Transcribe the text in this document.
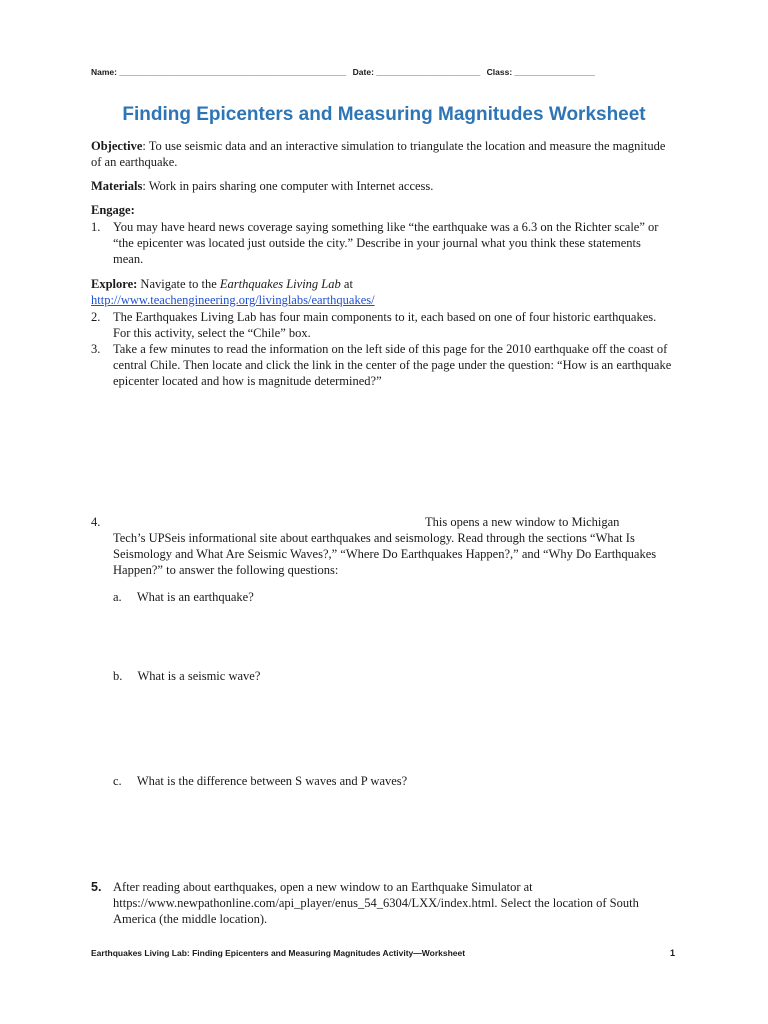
Name: ________________________________________________ Date: ______________________ Class: _________________
Finding Epicenters and Measuring Magnitudes Worksheet
Objective: To use seismic data and an interactive simulation to triangulate the location and measure the magnitude of an earthquake.
Materials: Work in pairs sharing one computer with Internet access.
Engage:
1. You may have heard news coverage saying something like “the earthquake was a 6.3 on the Richter scale” or “the epicenter was located just outside the city.” Describe in your journal what you think these statements mean.
Explore: Navigate to the Earthquakes Living Lab at
http://www.teachengineering.org/livinglabs/earthquakes/
2. The Earthquakes Living Lab has four main components to it, each based on one of four historic earthquakes. For this activity, select the “Chile” box.
3. Take a few minutes to read the information on the left side of this page for the 2010 earthquake off the coast of central Chile. Then locate and click the link in the center of the page under the question: “How is an earthquake epicenter located and how is magnitude determined?”
4.	This opens a new window to Michigan
Tech’s UPSeis informational site about earthquakes and seismology. Read through the sections “What Is Seismology and What Are Seismic Waves?,” “Where Do Earthquakes Happen?,” and “Why Do Earthquakes Happen?” to answer the following questions:
a. What is an earthquake?
b. What is a seismic wave?
c. What is the difference between S waves and P waves?
5. After reading about earthquakes, open a new window to an Earthquake Simulator at https://www.newpathonline.com/api_player/enus_54_6304/LXX/index.html. Select the location of South America (the middle location).
Earthquakes Living Lab: Finding Epicenters and Measuring Magnitudes Activity—Worksheet	1
